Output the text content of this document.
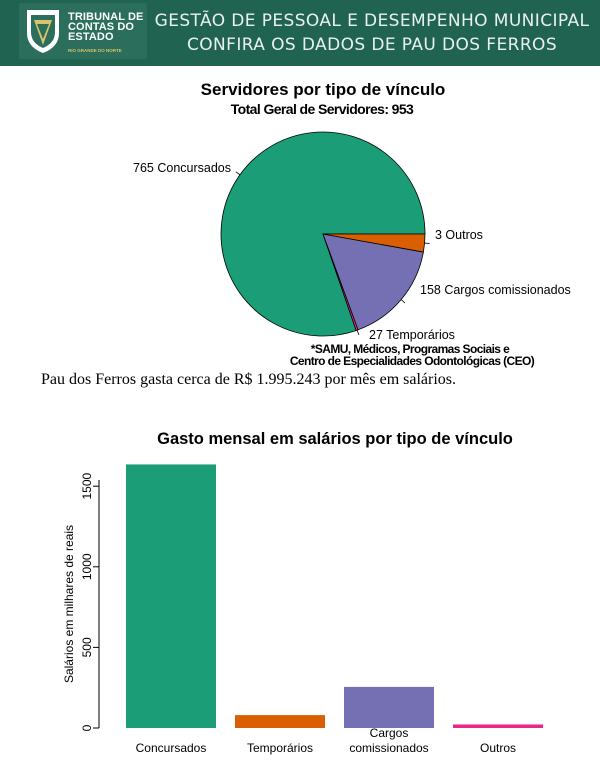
TRIBUNAL DE
CONTAS DO
ESTADO
RIO GRANDE DO NORTE
GESTÃO DE PESSOAL E DESEMPENHO MUNICIPAL
CONFIRA OS DADOS DE PAU DOS FERROS
Servidores por tipo de vínculo
Total Geral de Servidores: 953
765 Concursados
3 Outros
158 Cargos comissionados
27 Temporários
*SAMU, Médicos, Programas Sociais e
Centro de Especialidades Odontológicas (CEO)
Pau dos Ferros gasta cerca de R$ 1.995.243 por mês em salários.
Gasto mensal em salários por tipo de vínculo
Salários em milhares de reais
0
500
1000
1500
Concursados	Temporários
Cargos comissionados	Outros
